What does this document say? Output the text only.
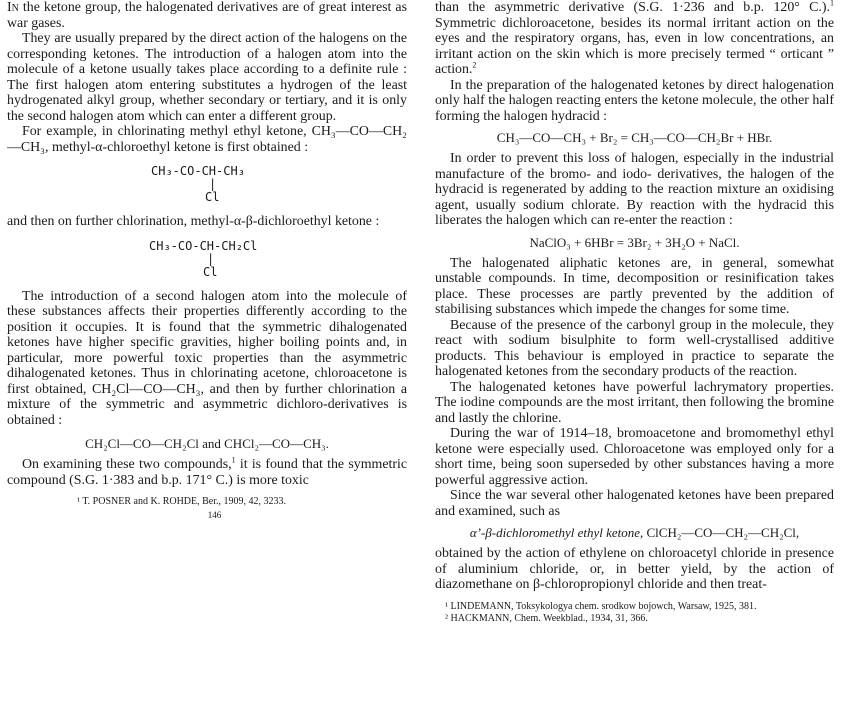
In the ketone group, the halogenated derivatives are of great interest as war gases.

They are usually prepared by the direct action of the halogens on the corresponding ketones. The introduction of a halogen atom into the molecule of a ketone usually takes place according to a definite rule : The first halogen atom entering substitutes a hydrogen of the least hydrogenated alkyl group, whether secondary or tertiary, and it is only the second halogen atom which can enter a different group.

For example, in chlorinating methyl ethyl ketone, CH₃—CO—CH₂—CH₃, methyl-α-chloroethyl ketone is first obtained :

CH₃-CO-CH-CH₃
|
Cl

and then on further chlorination, methyl-α-β-dichloroethyl ketone :

CH₃-CO-CH-CH₂Cl
|
Cl

The introduction of a second halogen atom into the molecule of these substances affects their properties differently according to the position it occupies. It is found that the symmetric dihalogenated ketones have higher specific gravities, higher boiling points and, in particular, more powerful toxic properties than the asymmetric dihalogenated ketones. Thus in chlorinating acetone, chloroacetone is first obtained, CH₂Cl—CO—CH₃, and then by further chlorination a mixture of the symmetric and asymmetric dichloro-derivatives is obtained :

CH₂Cl—CO—CH₂Cl and CHCl₂—CO—CH₃.

On examining these two compounds,$^1$ it is found that the symmetric compound (S.G. 1·383 and b.p. 171° C.) is more toxic

¹ T. POSNER and K. ROHDE, Ber., 1909, 42, 3233.

146

than the asymmetric derivative (S.G. 1·236 and b.p. 120° C.).$^1$ Symmetric dichloroacetone, besides its normal irritant action on the eyes and the respiratory organs, has, even in low concentrations, an irritant action on the skin which is more precisely termed “ orticant ” action.$^2$

In the preparation of the halogenated ketones by direct halogenation only half the halogen reacting enters the ketone molecule, the other half forming the halogen hydracid :

CH₃—CO—CH₃ + Br₂ = CH₃—CO—CH₂Br + HBr.

In order to prevent this loss of halogen, especially in the industrial manufacture of the bromo- and iodo- derivatives, the halogen of the hydracid is regenerated by adding to the reaction mixture an oxidising agent, usually sodium chlorate. By reaction with the hydracid this liberates the halogen which can re-enter the reaction :

NaClO₃ + 6HBr = 3Br₂ + 3H₂O + NaCl.

The halogenated aliphatic ketones are, in general, somewhat unstable compounds. In time, decomposition or resinification takes place. These processes are partly prevented by the addition of stabilising substances which impede the changes for some time.

Because of the presence of the carbonyl group in the molecule, they react with sodium bisulphite to form well-crystallised additive products. This behaviour is employed in practice to separate the halogenated ketones from the secondary products of the reaction.

The halogenated ketones have powerful lachrymatory properties. The iodine compounds are the most irritant, then following the bromine and lastly the chlorine.

During the war of 1914–18, bromoacetone and bromomethyl ethyl ketone were especially used. Chloroacetone was employed only for a short time, being soon superseded by other substances having a more powerful aggressive action.

Since the war several other halogenated ketones have been prepared and examined, such as

α’-β-dichloromethyl ethyl ketone, ClCH₂—CO—CH₂—CH₂Cl,

obtained by the action of ethylene on chloroacetyl chloride in presence of aluminium chloride, or, in better yield, by the action of diazomethane on β-chloropropionyl chloride and then treat-

¹ LINDEMANN, Toksykologya chem. srodkow bojowch, Warsaw, 1925, 381.

² HACKMANN, Chem. Weekblad., 1934, 31, 366.
